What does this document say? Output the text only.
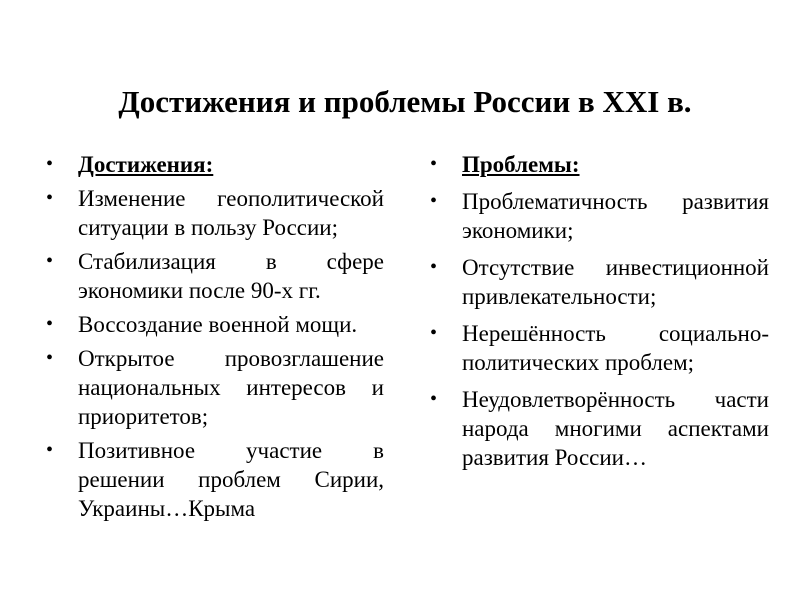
Достижения и проблемы России в XXI в.
• Достижения:
• Изменение геополитической ситуации в пользу России;
• Стабилизация в сфере экономики после 90-х гг.
• Воссоздание военной мощи.
• Открытое провозглашение национальных интересов и приоритетов;
• Позитивное участие в решении проблем Сирии, Украины…Крыма
• Проблемы:
• Проблематичность развития экономики;
• Отсутствие инвестиционной привлекательности;
• Нерешённость социально-политических проблем;
• Неудовлетворённость части народа многими аспектами развития России…
